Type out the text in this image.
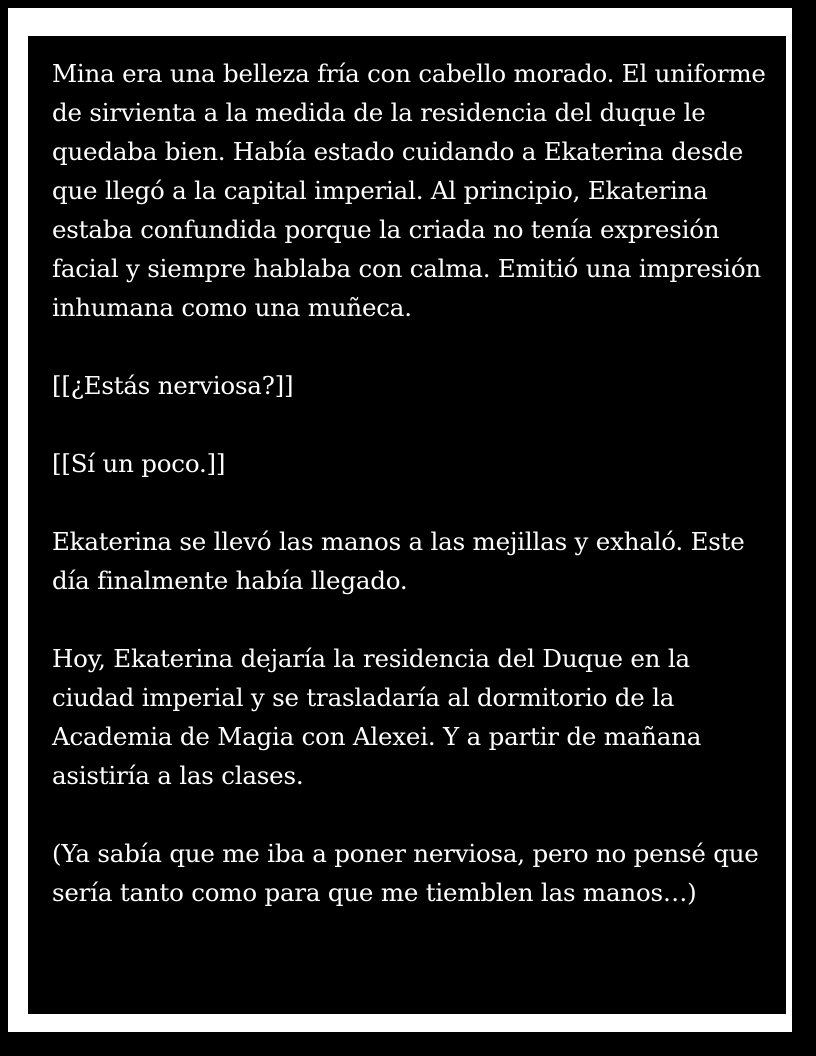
Mina era una belleza fría con cabello morado. El uniforme de sirvienta a la medida de la residencia del duque le quedaba bien. Había estado cuidando a Ekaterina desde que llegó a la capital imperial. Al principio, Ekaterina estaba confundida porque la criada no tenía expresión facial y siempre hablaba con calma. Emitió una impresión inhumana como una muñeca.

[[¿Estás nerviosa?]]

[[Sí un poco.]]

Ekaterina se llevó las manos a las mejillas y exhaló. Este día finalmente había llegado.

Hoy, Ekaterina dejaría la residencia del Duque en la ciudad imperial y se trasladaría al dormitorio de la Academia de Magia con Alexei. Y a partir de mañana asistiría a las clases.

(Ya sabía que me iba a poner nerviosa, pero no pensé que sería tanto como para que me tiemblen las manos…)
